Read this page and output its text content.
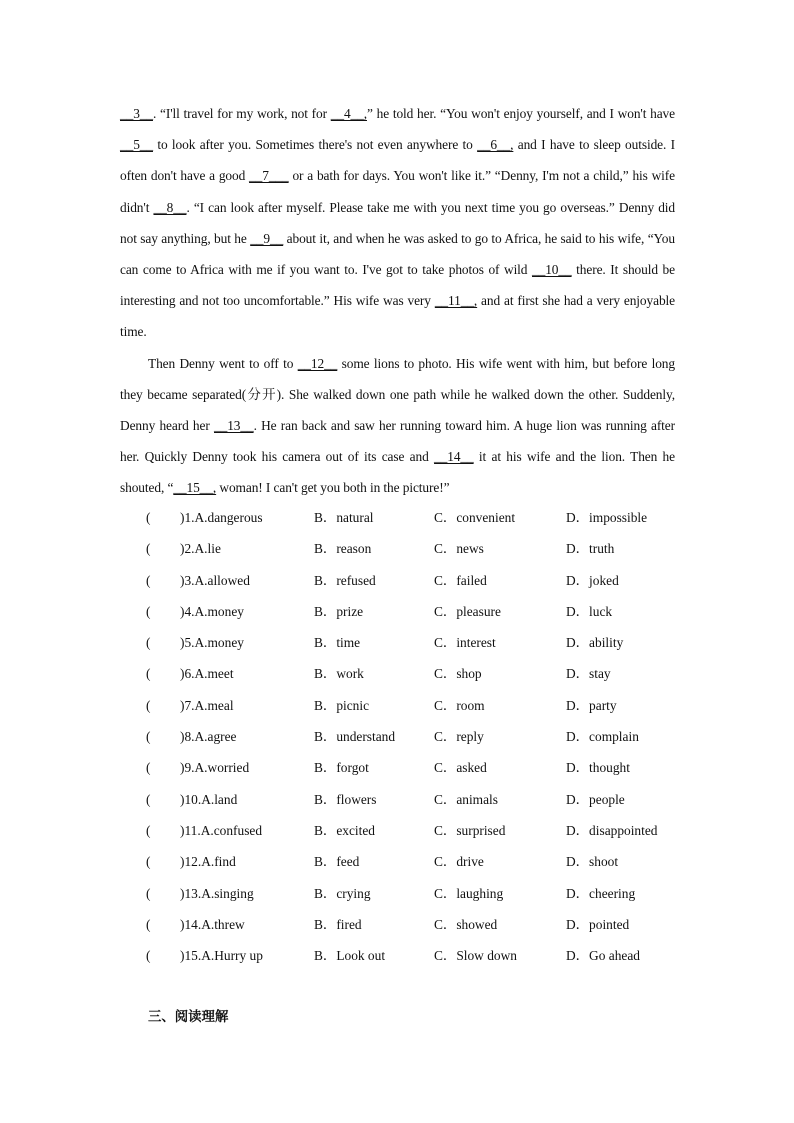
__3__. “I'll travel for my work, not for __4__,” he told her. “You won't enjoy yourself, and I won't have __5__ to look after you. Sometimes there's not even anywhere to __6__, and I have to sleep outside. I often don't have a good __7___ or a bath for days. You won't like it.” “Denny, I'm not a child,” his wife didn't __8__. “I can look after myself. Please take me with you next time you go overseas.” Denny did not say anything, but he __9__ about it, and when he was asked to go to Africa, he said to his wife, “You can come to Africa with me if you want to. I've got to take photos of wild __10__ there. It should be interesting and not too uncomfortable.” His wife was very __11__, and at first she had a very enjoyable time.

Then Denny went to off to __12__ some lions to photo. His wife went with him, but before long they became separated(分开). She walked down one path while he walked down the other. Suddenly, Denny heard her __13__. He ran back and saw her running toward him. A huge lion was running after her. Quickly Denny took his camera out of its case and __14__ it at his wife and the lion. Then he shouted, “__15__, woman! I can't get you both in the picture!”

( )1.A.dangerous	B．natural	C．convenient	D．impossible
( )2.A.lie	B．reason	C．news	D．truth
( )3.A.allowed	B．refused	C．failed	D．joked
( )4.A.money	B．prize	C．pleasure	D．luck
( )5.A.money	B．time	C．interest	D．ability
( )6.A.meet	B．work	C．shop	D．stay
( )7.A.meal	B．picnic	C．room	D．party
( )8.A.agree	B．understand	C．reply	D．complain
( )9.A.worried	B．forgot	C．asked	D．thought
( )10.A.land	B．flowers	C．animals	D．people
( )11.A.confused	B．excited	C．surprised	D．disappointed
( )12.A.find	B．feed	C．drive	D．shoot
( )13.A.singing	B．crying	C．laughing	D．cheering
( )14.A.threw	B．fired	C．showed	D．pointed
( )15.A.Hurry up	B．Look out	C．Slow down	D．Go ahead
三、阅读理解
